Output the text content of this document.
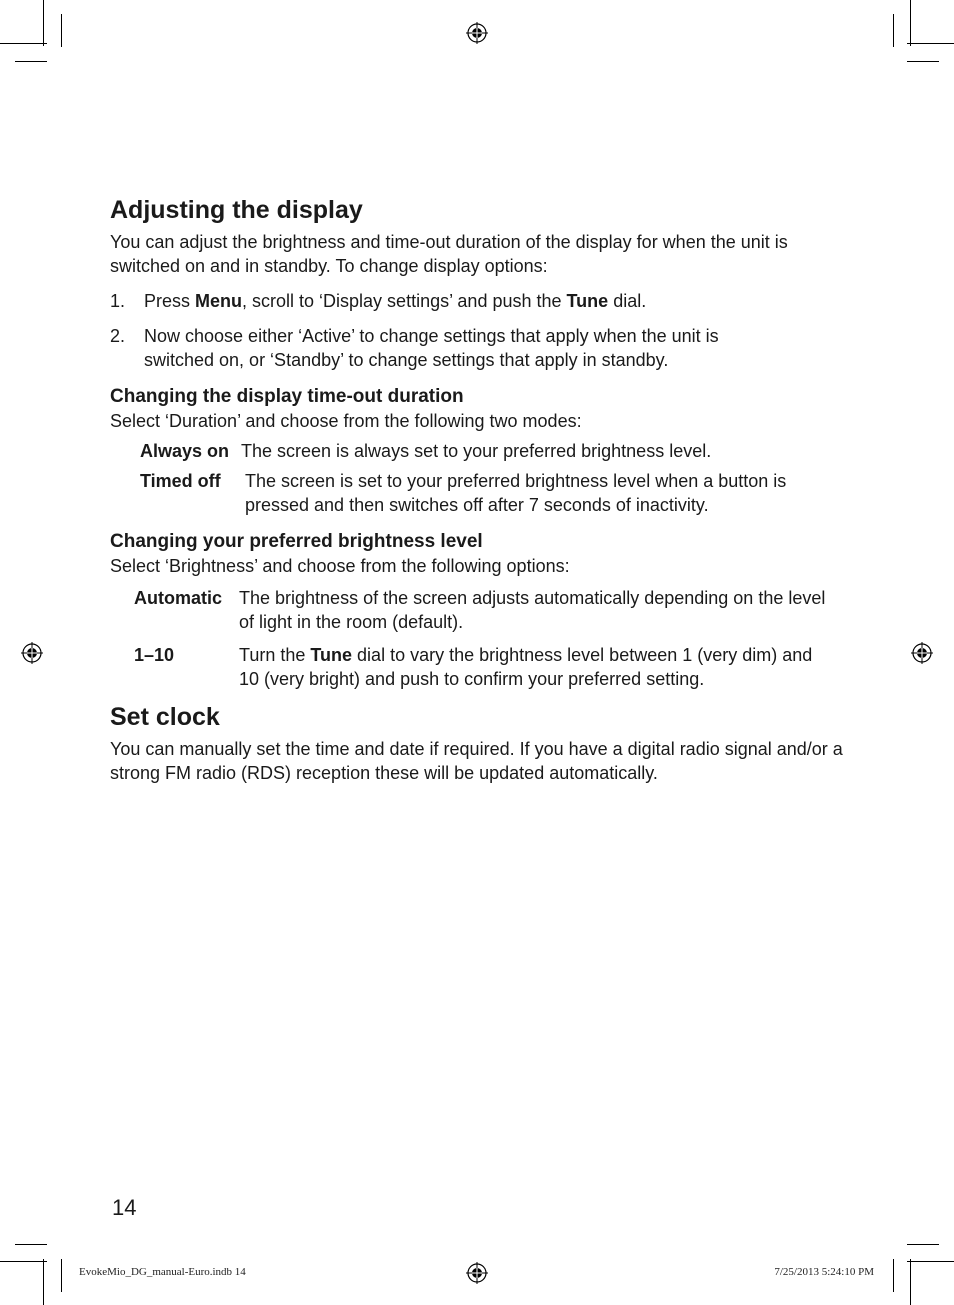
Adjusting the display

You can adjust the brightness and time-out duration of the display for when the unit is switched on and in standby. To change display options:

1. Press Menu, scroll to ‘Display settings’ and push the Tune dial.
2. Now choose either ‘Active’ to change settings that apply when the unit is switched on, or ‘Standby’ to change settings that apply in standby.
Changing the display time-out duration

Select ‘Duration’ and choose from the following two modes:

Always on The screen is always set to your preferred brightness level.
Timed off The screen is set to your preferred brightness level when a button is pressed and then switches off after 7 seconds of inactivity.
Changing your preferred brightness level

Select ‘Brightness’ and choose from the following options:

Automatic The brightness of the screen adjusts automatically depending on the level of light in the room (default).
1–10	Turn the Tune dial to vary the brightness level between 1 (very dim) and 10 (very bright) and push to confirm your preferred setting.
Set clock

You can manually set the time and date if required. If you have a digital radio signal and/or a strong FM radio (RDS) reception these will be updated automatically.

14
EvokeMio_DG_manual-Euro.indb 14	7/25/2013 5:24:10 PM
